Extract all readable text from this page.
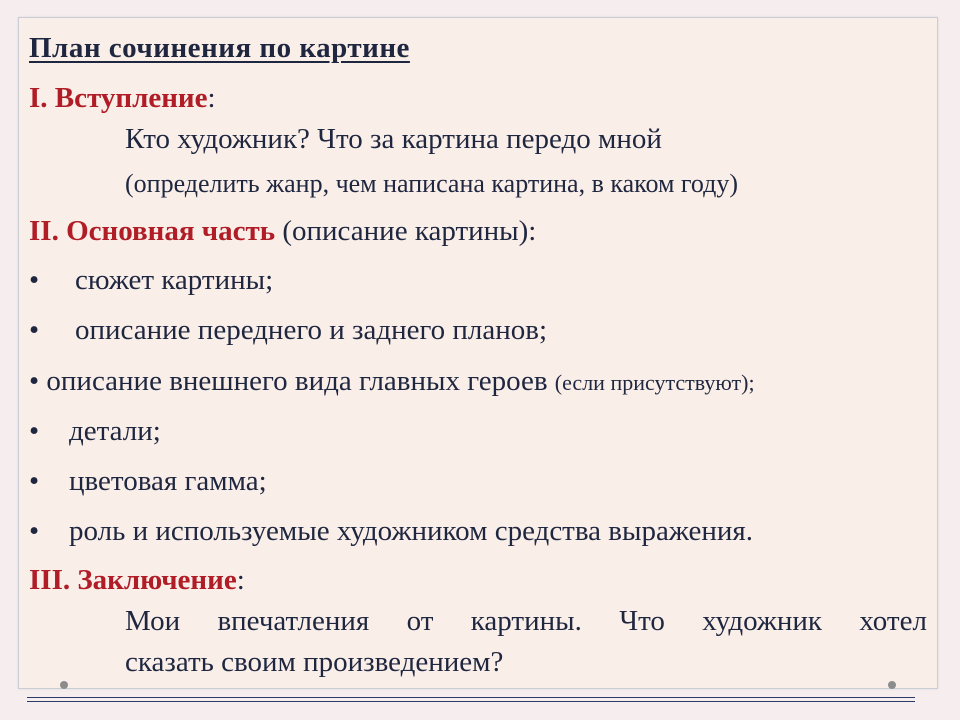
План сочинения по картине
I. Вступление:
Кто художник? Что за картина передо мной
(определить жанр, чем написана картина, в каком году)
II. Основная часть (описание картины):
• сюжет картины;
• описание переднего и заднего планов;
• описание внешнего вида главных героев (если присутствуют);
• детали;
• цветовая гамма;
• роль и используемые художником средства выражения.
III. Заключение:
Мои впечатления от картины. Что художник хотел
сказать своим произведением?
